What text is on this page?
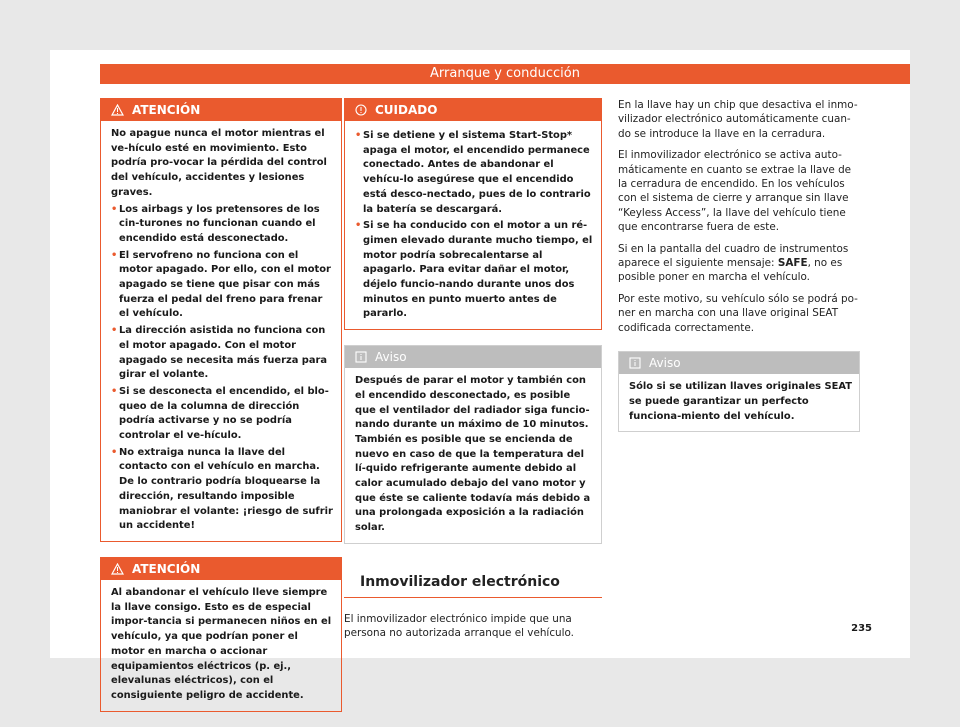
Arranque y conducción
ATENCIÓN

No apague nunca el motor mientras el ve-hículo esté en movimiento. Esto podría pro-vocar la pérdida del control del vehículo, accidentes y lesiones graves.

• Los airbags y los pretensores de los cin-turones no funcionan cuando el encendido está desconectado.
• El servofreno no funciona con el motor apagado. Por ello, con el motor apagado se tiene que pisar con más fuerza el pedal del freno para frenar el vehículo.
• La dirección asistida no funciona con el motor apagado. Con el motor apagado se necesita más fuerza para girar el volante.
• Si se desconecta el encendido, el blo-queo de la columna de dirección podría activarse y no se podría controlar el ve-hículo.
• No extraiga nunca la llave del contacto con el vehículo en marcha. De lo contrario podría bloquearse la dirección, resultando imposible maniobrar el volante: ¡riesgo de sufrir un accidente!
ATENCIÓN

Al abandonar el vehículo lleve siempre la llave consigo. Esto es de especial impor-tancia si permanecen niños en el vehículo, ya que podrían poner el motor en marcha o accionar equipamientos eléctricos (p. ej., elevalunas eléctricos), con el consiguiente peligro de accidente.

CUIDADO
• Si se detiene y el sistema Start-Stop* apaga el motor, el encendido permanece conectado. Antes de abandonar el vehícu-lo asegúrese que el encendido está desco-nectado, pues de lo contrario la batería se descargará.
• Si se ha conducido con el motor a un ré-gimen elevado durante mucho tiempo, el motor podría sobrecalentarse al apagarlo. Para evitar dañar el motor, déjelo funcio-nando durante unos dos minutos en punto muerto antes de pararlo.
Aviso

Después de parar el motor y también con el encendido desconectado, es posible que el ventilador del radiador siga funcio-nando durante un máximo de 10 minutos. También es posible que se encienda de nuevo en caso de que la temperatura del lí-quido refrigerante aumente debido al calor acumulado debajo del vano motor y que éste se caliente todavía más debido a una prolongada exposición a la radiación solar.

Inmovilizador electrónico

El inmovilizador electrónico impide que una persona no autorizada arranque el vehículo.

En la llave hay un chip que desactiva el inmo-vilizador electrónico automáticamente cuan-do se introduce la llave en la cerradura.

El inmovilizador electrónico se activa auto-máticamente en cuanto se extrae la llave de la cerradura de encendido. En los vehículos con el sistema de cierre y arranque sin llave “Keyless Access”, la llave del vehículo tiene que encontrarse fuera de este.

Si en la pantalla del cuadro de instrumentos aparece el siguiente mensaje: SAFE, no es posible poner en marcha el vehículo.

Por este motivo, su vehículo sólo se podrá po-ner en marcha con una llave original SEAT codificada correctamente.

Aviso

Sólo si se utilizan llaves originales SEAT se puede garantizar un perfecto funciona-miento del vehículo.

235
